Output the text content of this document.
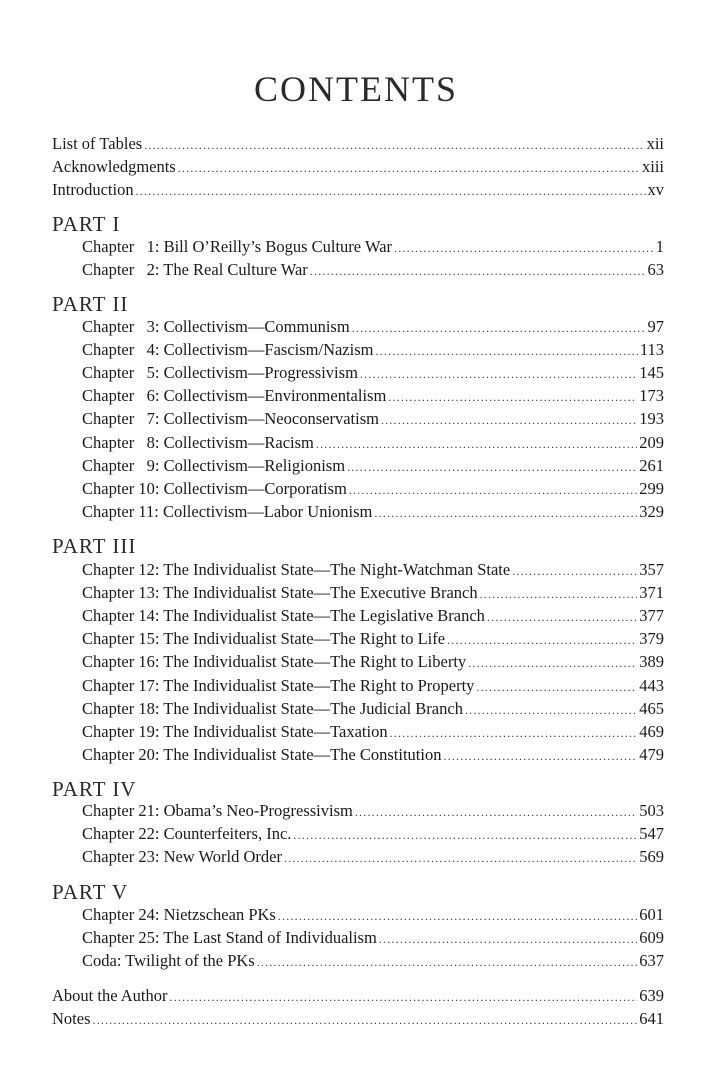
CONTENTS
List of Tables .....	xii
Acknowledgments .....	xiii
Introduction .....	xv
PART I
Chapter   1: Bill O’Reilly’s Bogus Culture War .....	1
Chapter   2: The Real Culture War .....	63
PART II
Chapter   3: Collectivism—Communism .....	97
Chapter   4: Collectivism—Fascism/Nazism .....	113
Chapter   5: Collectivism—Progressivism .....	145
Chapter   6: Collectivism—Environmentalism .....	173
Chapter   7: Collectivism—Neoconservatism .....	193
Chapter   8: Collectivism—Racism .....	209
Chapter   9: Collectivism—Religionism .....	261
Chapter 10: Collectivism—Corporatism .....	299
Chapter 11: Collectivism—Labor Unionism .....	329
PART III
Chapter 12: The Individualist State—The Night-Watchman State .....	357
Chapter 13: The Individualist State—The Executive Branch .....	371
Chapter 14: The Individualist State—The Legislative Branch .....	377
Chapter 15: The Individualist State—The Right to Life .....	379
Chapter 16: The Individualist State—The Right to Liberty .....	389
Chapter 17: The Individualist State—The Right to Property .....	443
Chapter 18: The Individualist State—The Judicial Branch .....	465
Chapter 19: The Individualist State—Taxation .....	469
Chapter 20: The Individualist State—The Constitution .....	479
PART IV
Chapter 21: Obama’s Neo-Progressivism .....	503
Chapter 22: Counterfeiters, Inc. .....	547
Chapter 23: New World Order .....	569
PART V
Chapter 24: Nietzschean PKs .....	601
Chapter 25: The Last Stand of Individualism .....	609
Coda: Twilight of the PKs .....	637
About the Author .....	639
Notes .....	641
